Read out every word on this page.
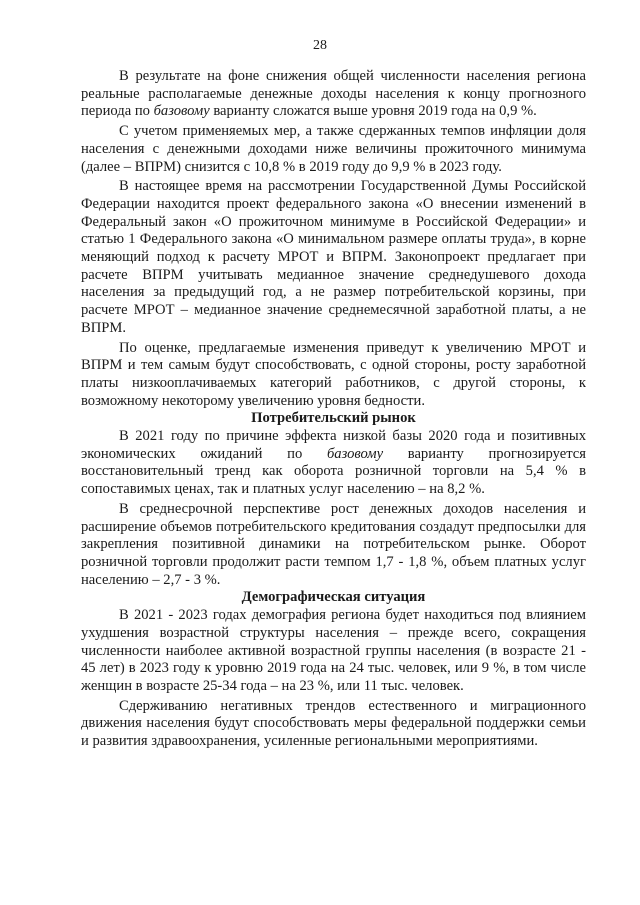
28

В результате на фоне снижения общей численности населения региона реальные располагаемые денежные доходы населения к концу прогнозного периода по базовому варианту сложатся выше уровня 2019 года на 0,9 %.

С учетом применяемых мер, а также сдержанных темпов инфляции доля населения с денежными доходами ниже величины прожиточного минимума (далее – ВПРМ) снизится с 10,8 % в 2019 году до 9,9 % в 2023 году.

В настоящее время на рассмотрении Государственной Думы Российской Федерации находится проект федерального закона «О внесении изменений в Федеральный закон «О прожиточном минимуме в Российской Федерации» и статью 1 Федерального закона «О минимальном размере оплаты труда», в корне меняющий подход к расчету МРОТ и ВПРМ. Законопроект предлагает при расчете ВПРМ учитывать медианное значение среднедушевого дохода населения за предыдущий год, а не размер потребительской корзины, при расчете МРОТ – медианное значение среднемесячной заработной платы, а не ВПРМ.

По оценке, предлагаемые изменения приведут к увеличению МРОТ и ВПРМ и тем самым будут способствовать, с одной стороны, росту заработной платы низкооплачиваемых категорий работников, с другой стороны, к возможному некоторому увеличению уровня бедности.

Потребительский рынок

В 2021 году по причине эффекта низкой базы 2020 года и позитивных экономических ожиданий по базовому варианту прогнозируется восстановительный тренд как оборота розничной торговли на 5,4 % в сопоставимых ценах, так и платных услуг населению – на 8,2 %.

В среднесрочной перспективе рост денежных доходов населения и расширение объемов потребительского кредитования создадут предпосылки для закрепления позитивной динамики на потребительском рынке. Оборот розничной торговли продолжит расти темпом 1,7 - 1,8 %, объем платных услуг населению – 2,7 - 3 %.

Демографическая ситуация

В 2021 - 2023 годах демография региона будет находиться под влиянием ухудшения возрастной структуры населения – прежде всего, сокращения численности наиболее активной возрастной группы населения (в возрасте 21 - 45 лет) в 2023 году к уровню 2019 года на 24 тыс. человек, или 9 %, в том числе женщин в возрасте 25-34 года – на 23 %, или 11 тыс. человек.

Сдерживанию негативных трендов естественного и миграционного движения населения будут способствовать меры федеральной поддержки семьи и развития здравоохранения, усиленные региональными мероприятиями.
